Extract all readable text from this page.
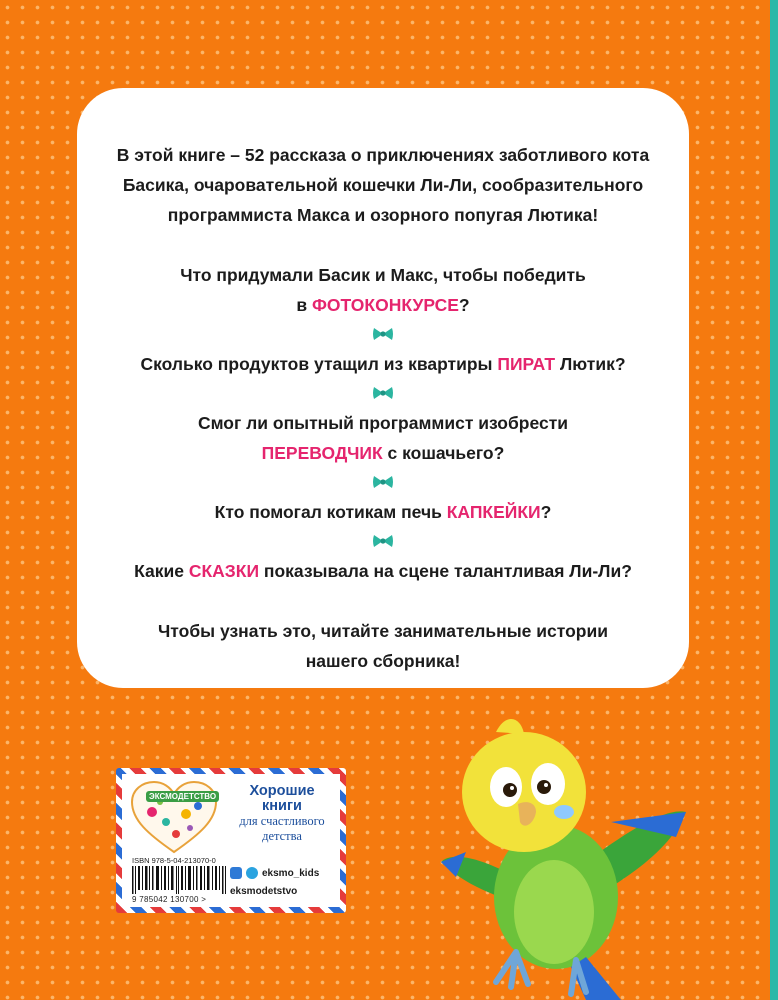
В этой книге – 52 рассказа о приключениях заботливого кота Басика, очаровательной кошечки Ли-Ли, сообразительного программиста Макса и озорного попугая Лютика!

Что придумали Басик и Макс, чтобы победить
в ФОТОКОНКУРСЕ?

Сколько продуктов утащил из квартиры ПИРАТ Лютик?

Смог ли опытный программист изобрести
ПЕРЕВОДЧИК с кошачьего?

Кто помогал котикам печь КАПКЕЙКИ?

Какие СКАЗКИ показывала на сцене талантливая Ли-Ли?

Чтобы узнать это, читайте занимательные истории
нашего сборника!

ЭКСМОДЕТСТВО	Хорошие
книги
для счастливого
детства
ISBN 978-5-04-213070-0
9 785042 130700 >
eksmo_kids
eksmodetstvo
